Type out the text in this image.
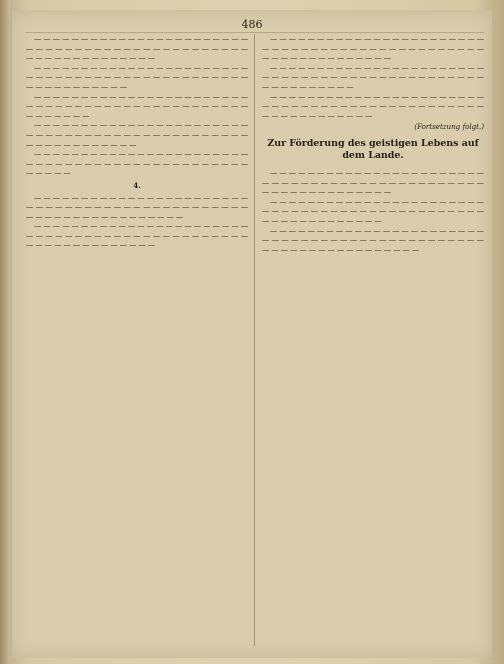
486

— — — — — — — — — — — — — — — — — — — — — — — — — — — — — — — — — — — — — — — — — — — — — — — — — — — — — — — — — — — —

— — — — — — — — — — — — — — — — — — — — — — — — — — — — — — — — — — — — — — — — — — — — — — — — — — — — — — — — —

— — — — — — — — — — — — — — — — — — — — — — — — — — — — — — — — — — — — — — — — — — — — — — — — — — — — —

— — — — — — — — — — — — — — — — — — — — — — — — — — — — — — — — — — — — — — — — — — — — — — — — — — — — — — — — — —

— — — — — — — — — — — — — — — — — — — — — — — — — — — — — — — — — — — — — — — — — — — — — — — — — — —

4.

— — — — — — — — — — — — — — — — — — — — — — — — — — — — — — — — — — — — — — — — — — — — — — — — — — — — — — — — — — — — — — —

— — — — — — — — — — — — — — — — — — — — — — — — — — — — — — — — — — — — — — — — — — — — — — — — — — — — — — — — — — — —

— — — — — — — — — — — — — — — — — — — — — — — — — — — — — — — — — — — — — — — — — — — — — — — — — — — — — — — — — — — —

— — — — — — — — — — — — — — — — — — — — — — — — — — — — — — — — — — — — — — — — — — — — — — — — — — — — — — — —

— — — — — — — — — — — — — — — — — — — — — — — — — — — — — — — — — — — — — — — — — — — — — — — — — — — — — — — — — —

(Fortsetzung folgt.)
Zur Förderung des geistigen Lebens auf dem Lande.

— — — — — — — — — — — — — — — — — — — — — — — — — — — — — — — — — — — — — — — — — — — — — — — — — — — — — — — — — — — —

— — — — — — — — — — — — — — — — — — — — — — — — — — — — — — — — — — — — — — — — — — — — — — — — — — — — — — — — — — —

— — — — — — — — — — — — — — — — — — — — — — — — — — — — — — — — — — — — — — — — — — — — — — — — — — — — — — — — — — — — — — —
